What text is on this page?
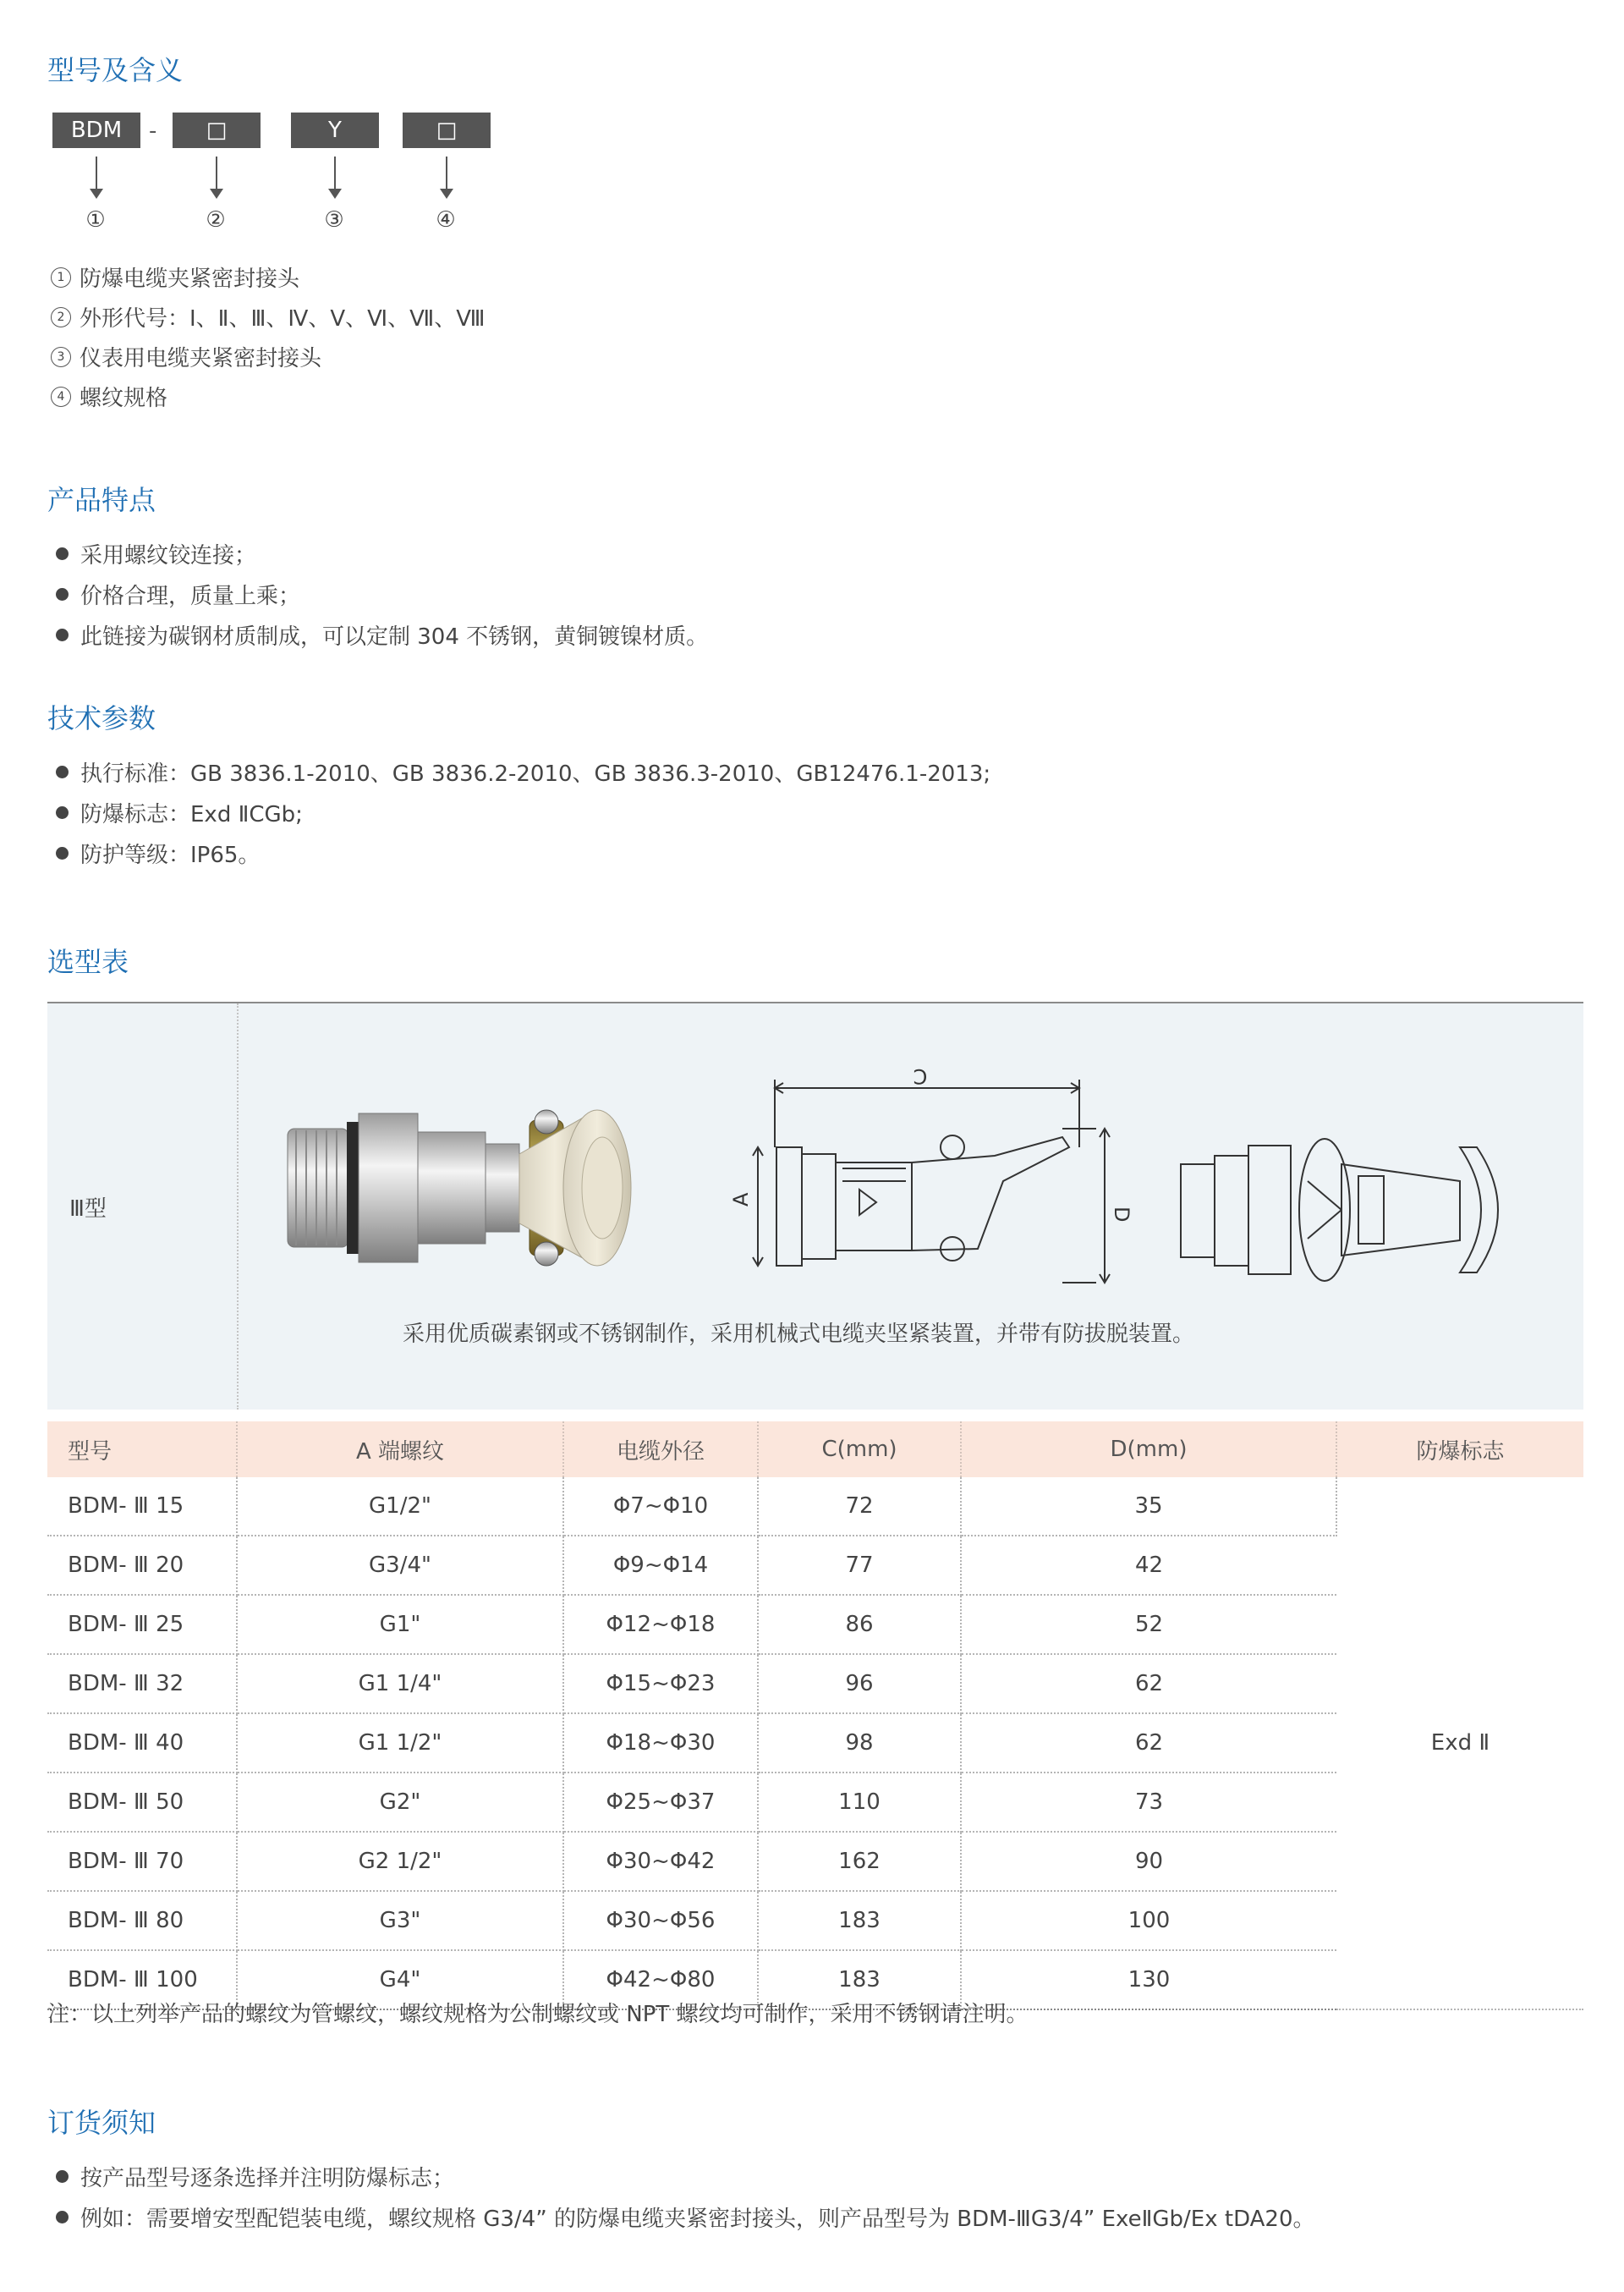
型号及含义
BDM	-	□	Y	□
①	②	③	④
1 防爆电缆夹紧密封接头
2 外形代号：Ⅰ、Ⅱ、Ⅲ、Ⅳ、Ⅴ、Ⅵ、Ⅶ、Ⅷ
3 仪表用电缆夹紧密封接头
4 螺纹规格
产品特点
采用螺纹铰连接；
价格合理，质量上乘；
此链接为碳钢材质制成，可以定制 304 不锈钢，黄铜镀镍材质。
技术参数
执行标准：GB 3836.1-2010、GB 3836.2-2010、GB 3836.3-2010、GB12476.1-2013;
防爆标志：Exd ⅡCGb;
防护等级：IP65。
选型表
Ⅲ型
C
A
D
采用优质碳素钢或不锈钢制作，采用机械式电缆夹坚紧装置，并带有防拔脱装置。
型号	A 端螺纹	电缆外径	C(mm)	D(mm)	防爆标志
BDM- Ⅲ 15	G1/2"	Φ7~Φ10	72	35	Exd Ⅱ
BDM- Ⅲ 20	G3/4"	Φ9~Φ14	77	42	
BDM- Ⅲ 25	G1"	Φ12~Φ18	86	52	
BDM- Ⅲ 32	G1 1/4"	Φ15~Φ23	96	62	
BDM- Ⅲ 40	G1 1/2"	Φ18~Φ30	98	62	
BDM- Ⅲ 50	G2"	Φ25~Φ37	110	73	
BDM- Ⅲ 70	G2 1/2"	Φ30~Φ42	162	90	
BDM- Ⅲ 80	G3"	Φ30~Φ56	183	100	
BDM- Ⅲ 100	G4"	Φ42~Φ80	183	130	
注：以上列举产品的螺纹为管螺纹，螺纹规格为公制螺纹或 NPT 螺纹均可制作，采用不锈钢请注明。
订货须知
按产品型号逐条选择并注明防爆标志；
例如：需要增安型配铠装电缆，螺纹规格 G3/4” 的防爆电缆夹紧密封接头，则产品型号为 BDM-ⅢG3/4” ExeⅡGb/Ex tDA20。
